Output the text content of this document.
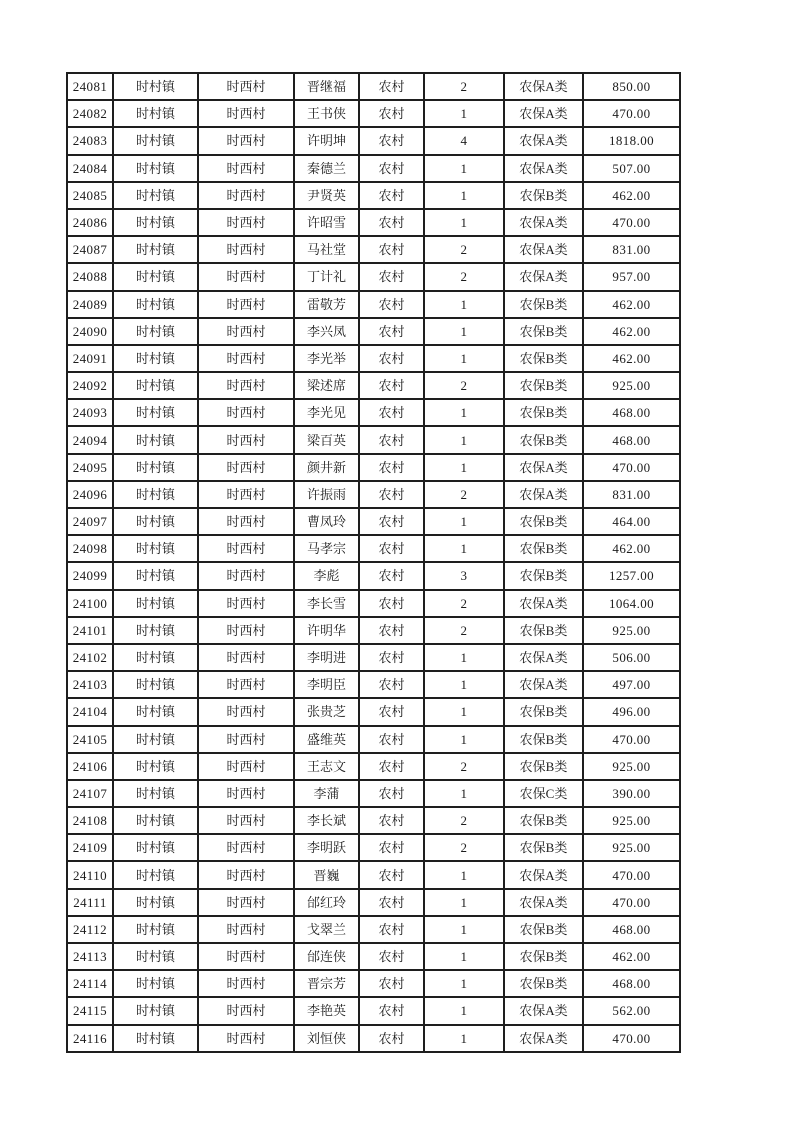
24081	时村镇	时西村	晋继福	农村	2	农保A类	850.00
24082	时村镇	时西村	王书侠	农村	1	农保A类	470.00
24083	时村镇	时西村	许明坤	农村	4	农保A类	1818.00
24084	时村镇	时西村	秦德兰	农村	1	农保A类	507.00
24085	时村镇	时西村	尹贤英	农村	1	农保B类	462.00
24086	时村镇	时西村	许昭雪	农村	1	农保A类	470.00
24087	时村镇	时西村	马社堂	农村	2	农保A类	831.00
24088	时村镇	时西村	丁计礼	农村	2	农保A类	957.00
24089	时村镇	时西村	雷敬芳	农村	1	农保B类	462.00
24090	时村镇	时西村	李兴凤	农村	1	农保B类	462.00
24091	时村镇	时西村	李光举	农村	1	农保B类	462.00
24092	时村镇	时西村	梁述席	农村	2	农保B类	925.00
24093	时村镇	时西村	李光见	农村	1	农保B类	468.00
24094	时村镇	时西村	梁百英	农村	1	农保B类	468.00
24095	时村镇	时西村	颜井新	农村	1	农保A类	470.00
24096	时村镇	时西村	许振雨	农村	2	农保A类	831.00
24097	时村镇	时西村	曹凤玲	农村	1	农保B类	464.00
24098	时村镇	时西村	马孝宗	农村	1	农保B类	462.00
24099	时村镇	时西村	李彪	农村	3	农保B类	1257.00
24100	时村镇	时西村	李长雪	农村	2	农保A类	1064.00
24101	时村镇	时西村	许明华	农村	2	农保B类	925.00
24102	时村镇	时西村	李明进	农村	1	农保A类	506.00
24103	时村镇	时西村	李明臣	农村	1	农保A类	497.00
24104	时村镇	时西村	张贵芝	农村	1	农保B类	496.00
24105	时村镇	时西村	盛维英	农村	1	农保B类	470.00
24106	时村镇	时西村	王志文	农村	2	农保B类	925.00
24107	时村镇	时西村	李蒲	农村	1	农保C类	390.00
24108	时村镇	时西村	李长斌	农村	2	农保B类	925.00
24109	时村镇	时西村	李明跃	农村	2	农保B类	925.00
24110	时村镇	时西村	晋巍	农村	1	农保A类	470.00
24111	时村镇	时西村	邰红玲	农村	1	农保A类	470.00
24112	时村镇	时西村	戈翠兰	农村	1	农保B类	468.00
24113	时村镇	时西村	邰连侠	农村	1	农保B类	462.00
24114	时村镇	时西村	晋宗芳	农村	1	农保B类	468.00
24115	时村镇	时西村	李艳英	农村	1	农保A类	562.00
24116	时村镇	时西村	刘恒侠	农村	1	农保A类	470.00
